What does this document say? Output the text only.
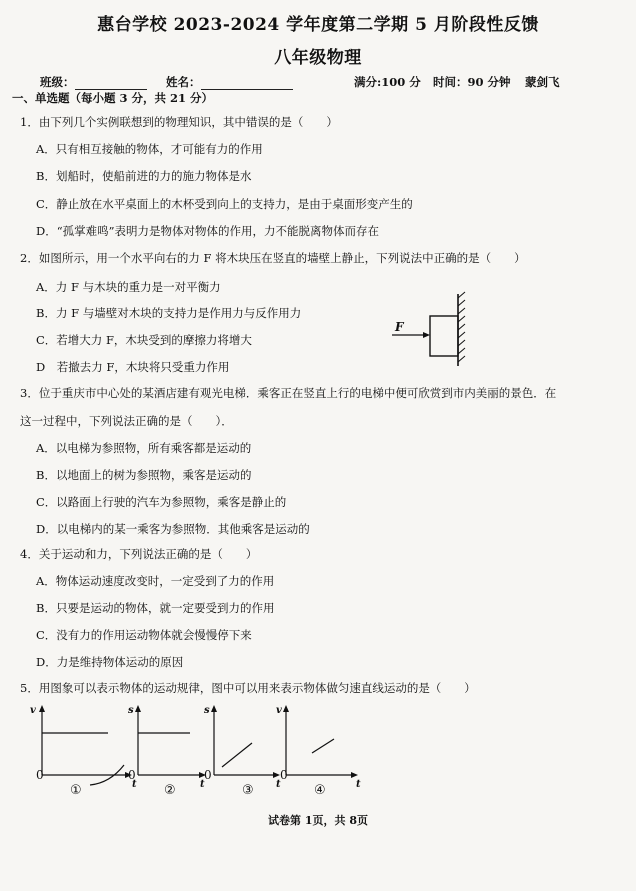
惠台学校 2023-2024 学年度第二学期 5 月阶段性反馈
八年级物理
班级：	姓名：	满分:100 分 时间：90 分钟 蒙剑飞
一、单选题（每小题 3 分，共 21 分）
1．由下列几个实例联想到的物理知识，其中错误的是（　　）
A．只有相互接触的物体，才可能有力的作用
B．划船时，使船前进的力的施力物体是水
C．静止放在水平桌面上的木杯受到向上的支持力，是由于桌面形变产生的
D．“孤掌难鸣”表明力是物体对物体的作用，力不能脱离物体而存在
2．如图所示，用一个水平向右的力 F 将木块压在竖直的墙壁上静止，下列说法中正确的是（　　）
A．力 F 与木块的重力是一对平衡力
B．力 F 与墙壁对木块的支持力是作用力与反作用力
C．若增大力 F，木块受到的摩擦力将增大
D　若撤去力 F，木块将只受重力作用
F
3．位于重庆市中心处的某酒店建有观光电梯．乘客正在竖直上行的电梯中便可欣赏到市内美丽的景色．在
这一过程中，下列说法正确的是（　　）．
A．以电梯为参照物，所有乘客都是运动的
B．以地面上的树为参照物，乘客是运动的
C．以路面上行驶的汽车为参照物，乘客是静止的
D．以电梯内的某一乘客为参照物．其他乘客是运动的
4．关于运动和力，下列说法正确的是（　　）
A．物体运动速度改变时，一定受到了力的作用
B．只要是运动的物体，就一定要受到力的作用
C．没有力的作用运动物体就会慢慢停下来
D．力是维持物体运动的原因
5．用图象可以表示物体的运动规律，图中可以用来表示物体做匀速直线运动的是（　　）
v
t
0
①
s
t
0
②
s
t
0
③
v
t
0
④
试卷第 1页，共 8页
